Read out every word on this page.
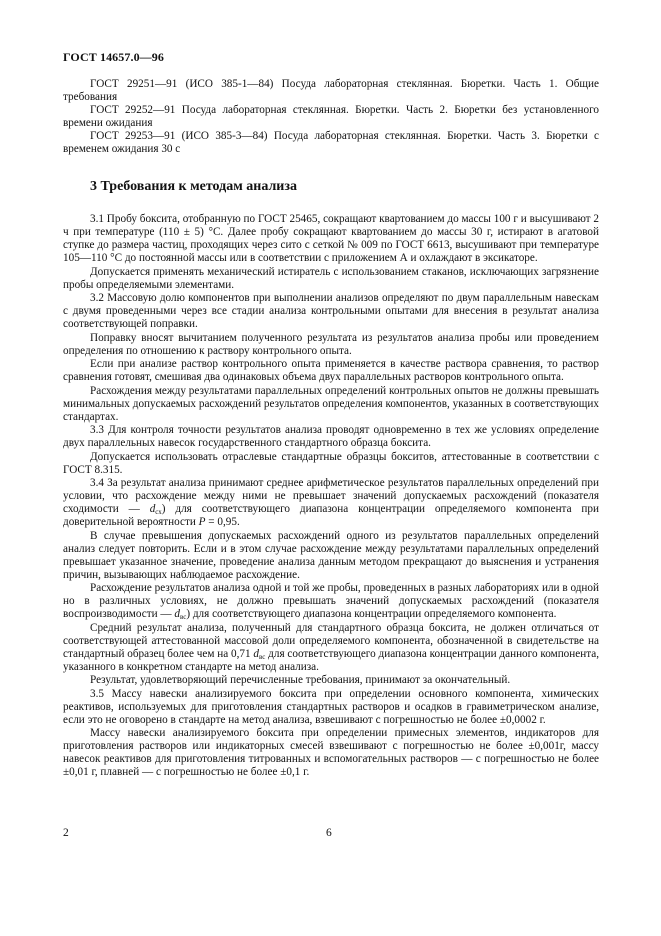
ГОСТ 14657.0—96

ГОСТ 29251—91 (ИСО 385-1—84) Посуда лабораторная стеклянная. Бюретки. Часть 1. Общие требования

ГОСТ 29252—91 Посуда лабораторная стеклянная. Бюретки. Часть 2. Бюретки без установленного времени ожидания

ГОСТ 29253—91 (ИСО 385-3—84) Посуда лабораторная стеклянная. Бюретки. Часть 3. Бюретки с временем ожидания 30 с

3 Требования к методам анализа

3.1 Пробу боксита, отобранную по ГОСТ 25465, сокращают квартованием до массы 100 г и высушивают 2 ч при температуре (110 ± 5) °С. Далее пробу сокращают квартованием до массы 30 г, истирают в агатовой ступке до размера частиц, проходящих через сито с сеткой № 009 по ГОСТ 6613, высушивают при температуре 105—110 °С до постоянной массы или в соответствии с приложением А и охлаждают в эксикаторе.

Допускается применять механический истиратель с использованием стаканов, исключающих загрязнение пробы определяемыми элементами.

3.2 Массовую долю компонентов при выполнении анализов определяют по двум параллельным навескам с двумя проведенными через все стадии анализа контрольными опытами для внесения в результат анализа соответствующей поправки.

Поправку вносят вычитанием полученного результата из результатов анализа пробы или проведением определения по отношению к раствору контрольного опыта.

Если при анализе раствор контрольного опыта применяется в качестве раствора сравнения, то раствор сравнения готовят, смешивая два одинаковых объема двух параллельных растворов контрольного опыта.

Расхождения между результатами параллельных определений контрольных опытов не должны превышать минимальных допускаемых расхождений результатов определения компонентов, указанных в соответствующих стандартах.

3.3 Для контроля точности результатов анализа проводят одновременно в тех же условиях определение двух параллельных навесок государственного стандартного образца боксита.

Допускается использовать отраслевые стандартные образцы бокситов, аттестованные в соответствии с ГОСТ 8.315.

3.4 За результат анализа принимают среднее арифметическое результатов параллельных определений при условии, что расхождение между ними не превышает значений допускаемых расхождений (показателя сходимости — $d_{сх}$) для соответствующего диапазона концентрации определяемого компонента при доверительной вероятности P = 0,95.

В случае превышения допускаемых расхождений одного из результатов параллельных определений анализ следует повторить. Если и в этом случае расхождение между результатами параллельных определений превышает указанное значение, проведение анализа данным методом прекращают до выяснения и устранения причин, вызывающих наблюдаемое расхождение.

Расхождение результатов анализа одной и той же пробы, проведенных в разных лабораториях или в одной но в различных условиях, не должно превышать значений допускаемых расхождений (показателя воспроизводимости — $d_{вс}$) для соответствующего диапазона концентрации определяемого компонента.

Средний результат анализа, полученный для стандартного образца боксита, не должен отличаться от соответствующей аттестованной массовой доли определяемого компонента, обозначенной в свидетельстве на стандартный образец более чем на 0,71 $d_{вс}$ для соответствующего диапазона концентрации данного компонента, указанного в конкретном стандарте на метод анализа.

Результат, удовлетворяющий перечисленные требования, принимают за окончательный.

3.5 Массу навески анализируемого боксита при определении основного компонента, химических реактивов, используемых для приготовления стандартных растворов и осадков в гравиметрическом анализе, если это не оговорено в стандарте на метод анализа, взвешивают с погрешностью не более ±0,0002 г.

Массу навески анализируемого боксита при определении примесных элементов, индикаторов для приготовления растворов или индикаторных смесей взвешивают с погрешностью не более ±0,001г, массу навесок реактивов для приготовления титрованных и вспомогательных растворов — с погрешностью не более ±0,01 г, плавней — с погрешностью не более ±0,1 г.

2	6
